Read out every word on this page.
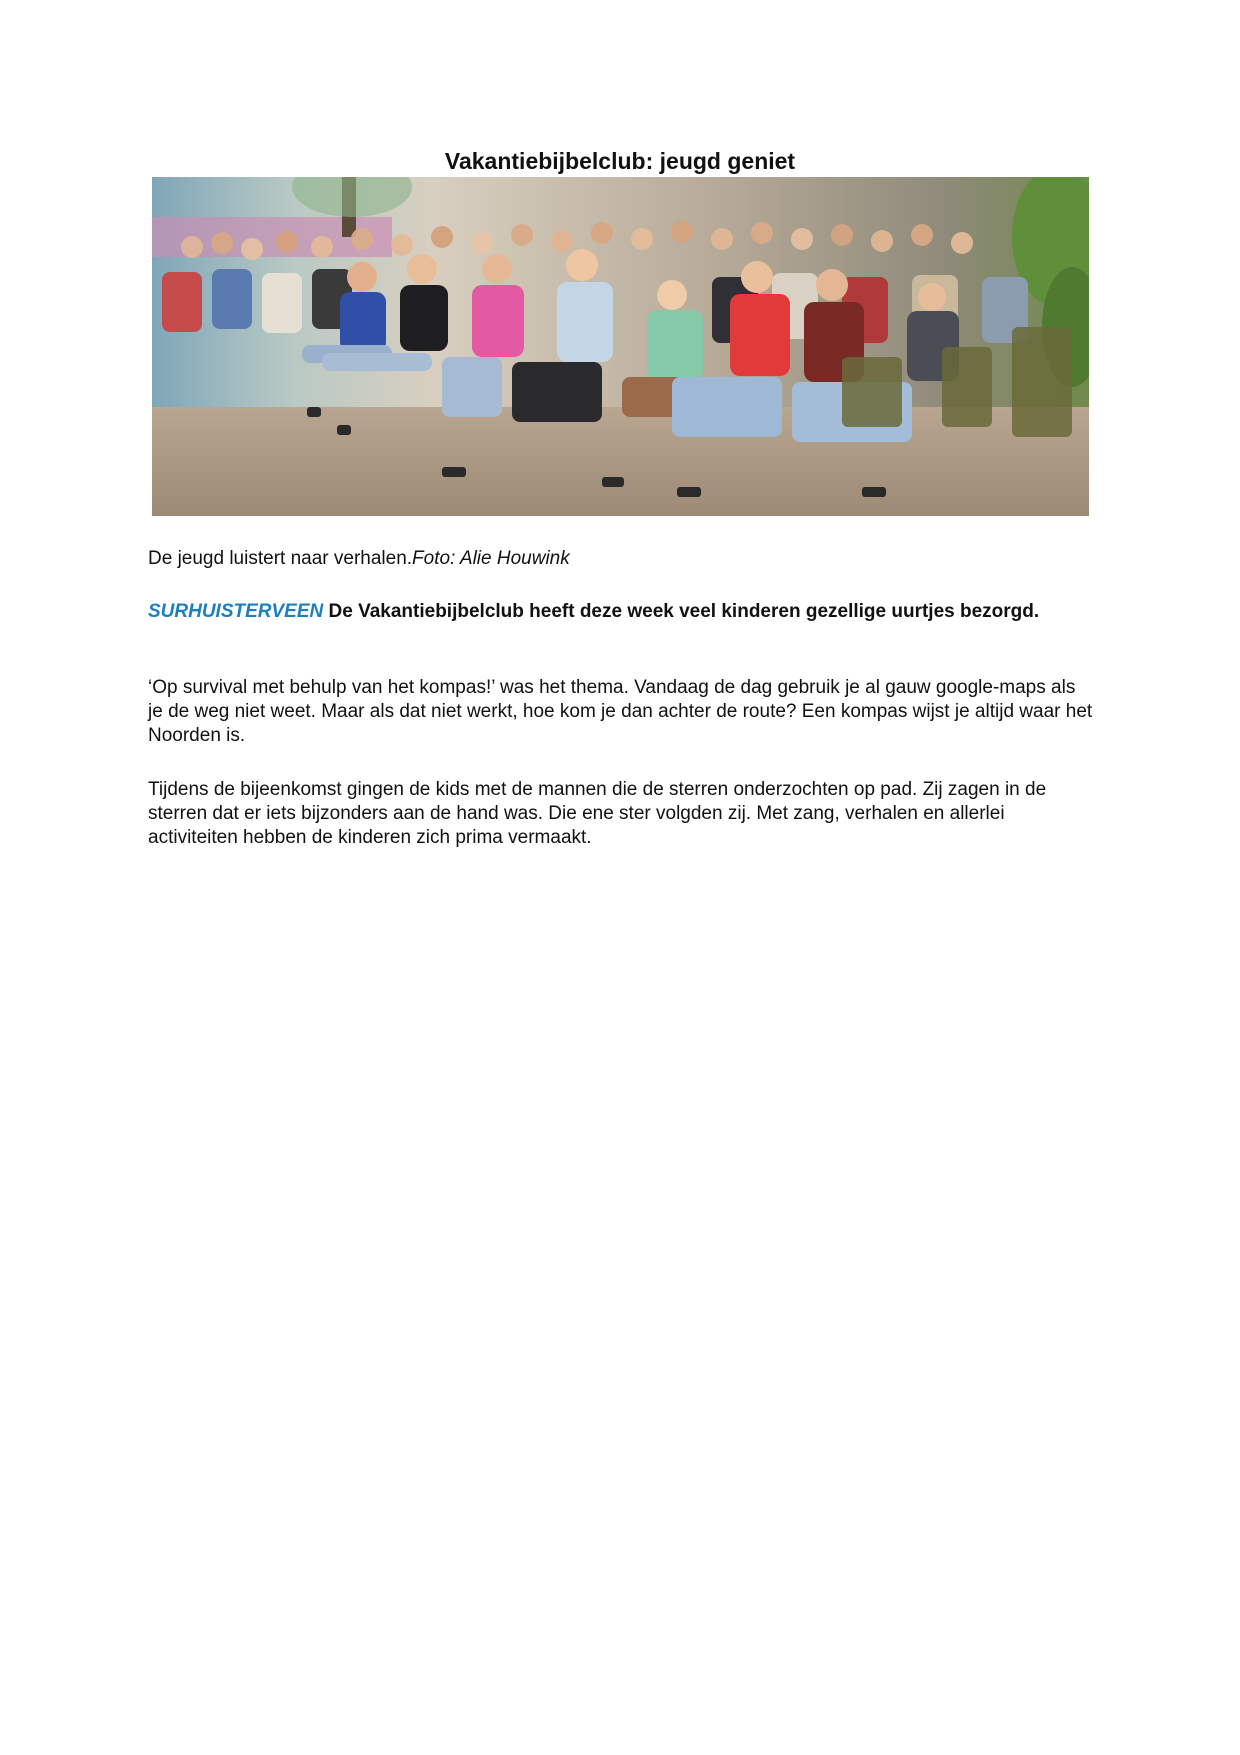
Vakantiebijbelclub: jeugd geniet

De jeugd luistert naar verhalen.Foto: Alie Houwink

SURHUISTERVEEN De Vakantiebijbelclub heeft deze week veel kinderen gezellige uurtjes bezorgd.

‘Op survival met behulp van het kompas!’ was het thema. Vandaag de dag gebruik je al gauw google-maps als je de weg niet weet. Maar als dat niet werkt, hoe kom je dan achter de route? Een kompas wijst je altijd waar het Noorden is.

Tijdens de bijeenkomst gingen de kids met de mannen die de sterren onderzochten op pad. Zij zagen in de sterren dat er iets bijzonders aan de hand was. Die ene ster volgden zij. Met zang, verhalen en allerlei activiteiten hebben de kinderen zich prima vermaakt.
